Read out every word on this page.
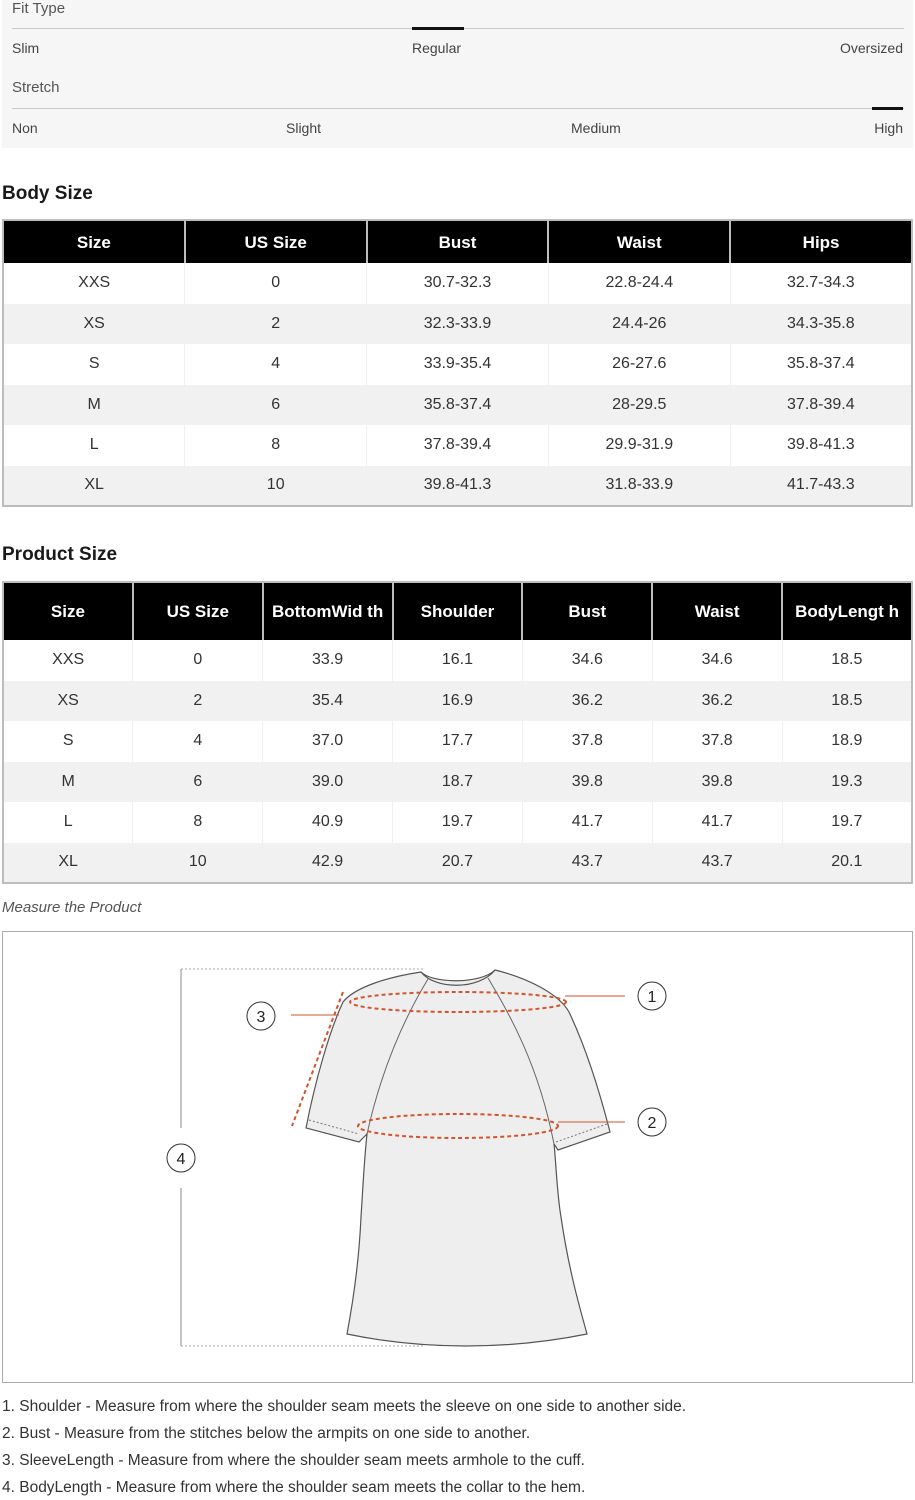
Fit Type
Slim	Regular	Oversized
Stretch
Non	Slight	Medium	High
Body Size
Size	US Size	Bust	Waist	Hips
XXS	0	30.7-32.3	22.8-24.4	32.7-34.3
XS	2	32.3-33.9	24.4-26	34.3-35.8
S	4	33.9-35.4	26-27.6	35.8-37.4
M	6	35.8-37.4	28-29.5	37.8-39.4
L	8	37.8-39.4	29.9-31.9	39.8-41.3
XL	10	39.8-41.3	31.8-33.9	41.7-43.3
Product Size
Size	US Size	BottomWid th	Shoulder	Bust	Waist	BodyLengt h
XXS	0	33.9	16.1	34.6	34.6	18.5
XS	2	35.4	16.9	36.2	36.2	18.5
S	4	37.0	17.7	37.8	37.8	18.9
M	6	39.0	18.7	39.8	39.8	19.3
L	8	40.9	19.7	41.7	41.7	19.7
XL	10	42.9	20.7	43.7	43.7	20.1
Measure the Product
1
2
3
4
1. Shoulder - Measure from where the shoulder seam meets the sleeve on one side to another side.
2. Bust - Measure from the stitches below the armpits on one side to another.
3. SleeveLength - Measure from where the shoulder seam meets armhole to the cuff.
4. BodyLength - Measure from where the shoulder seam meets the collar to the hem.
